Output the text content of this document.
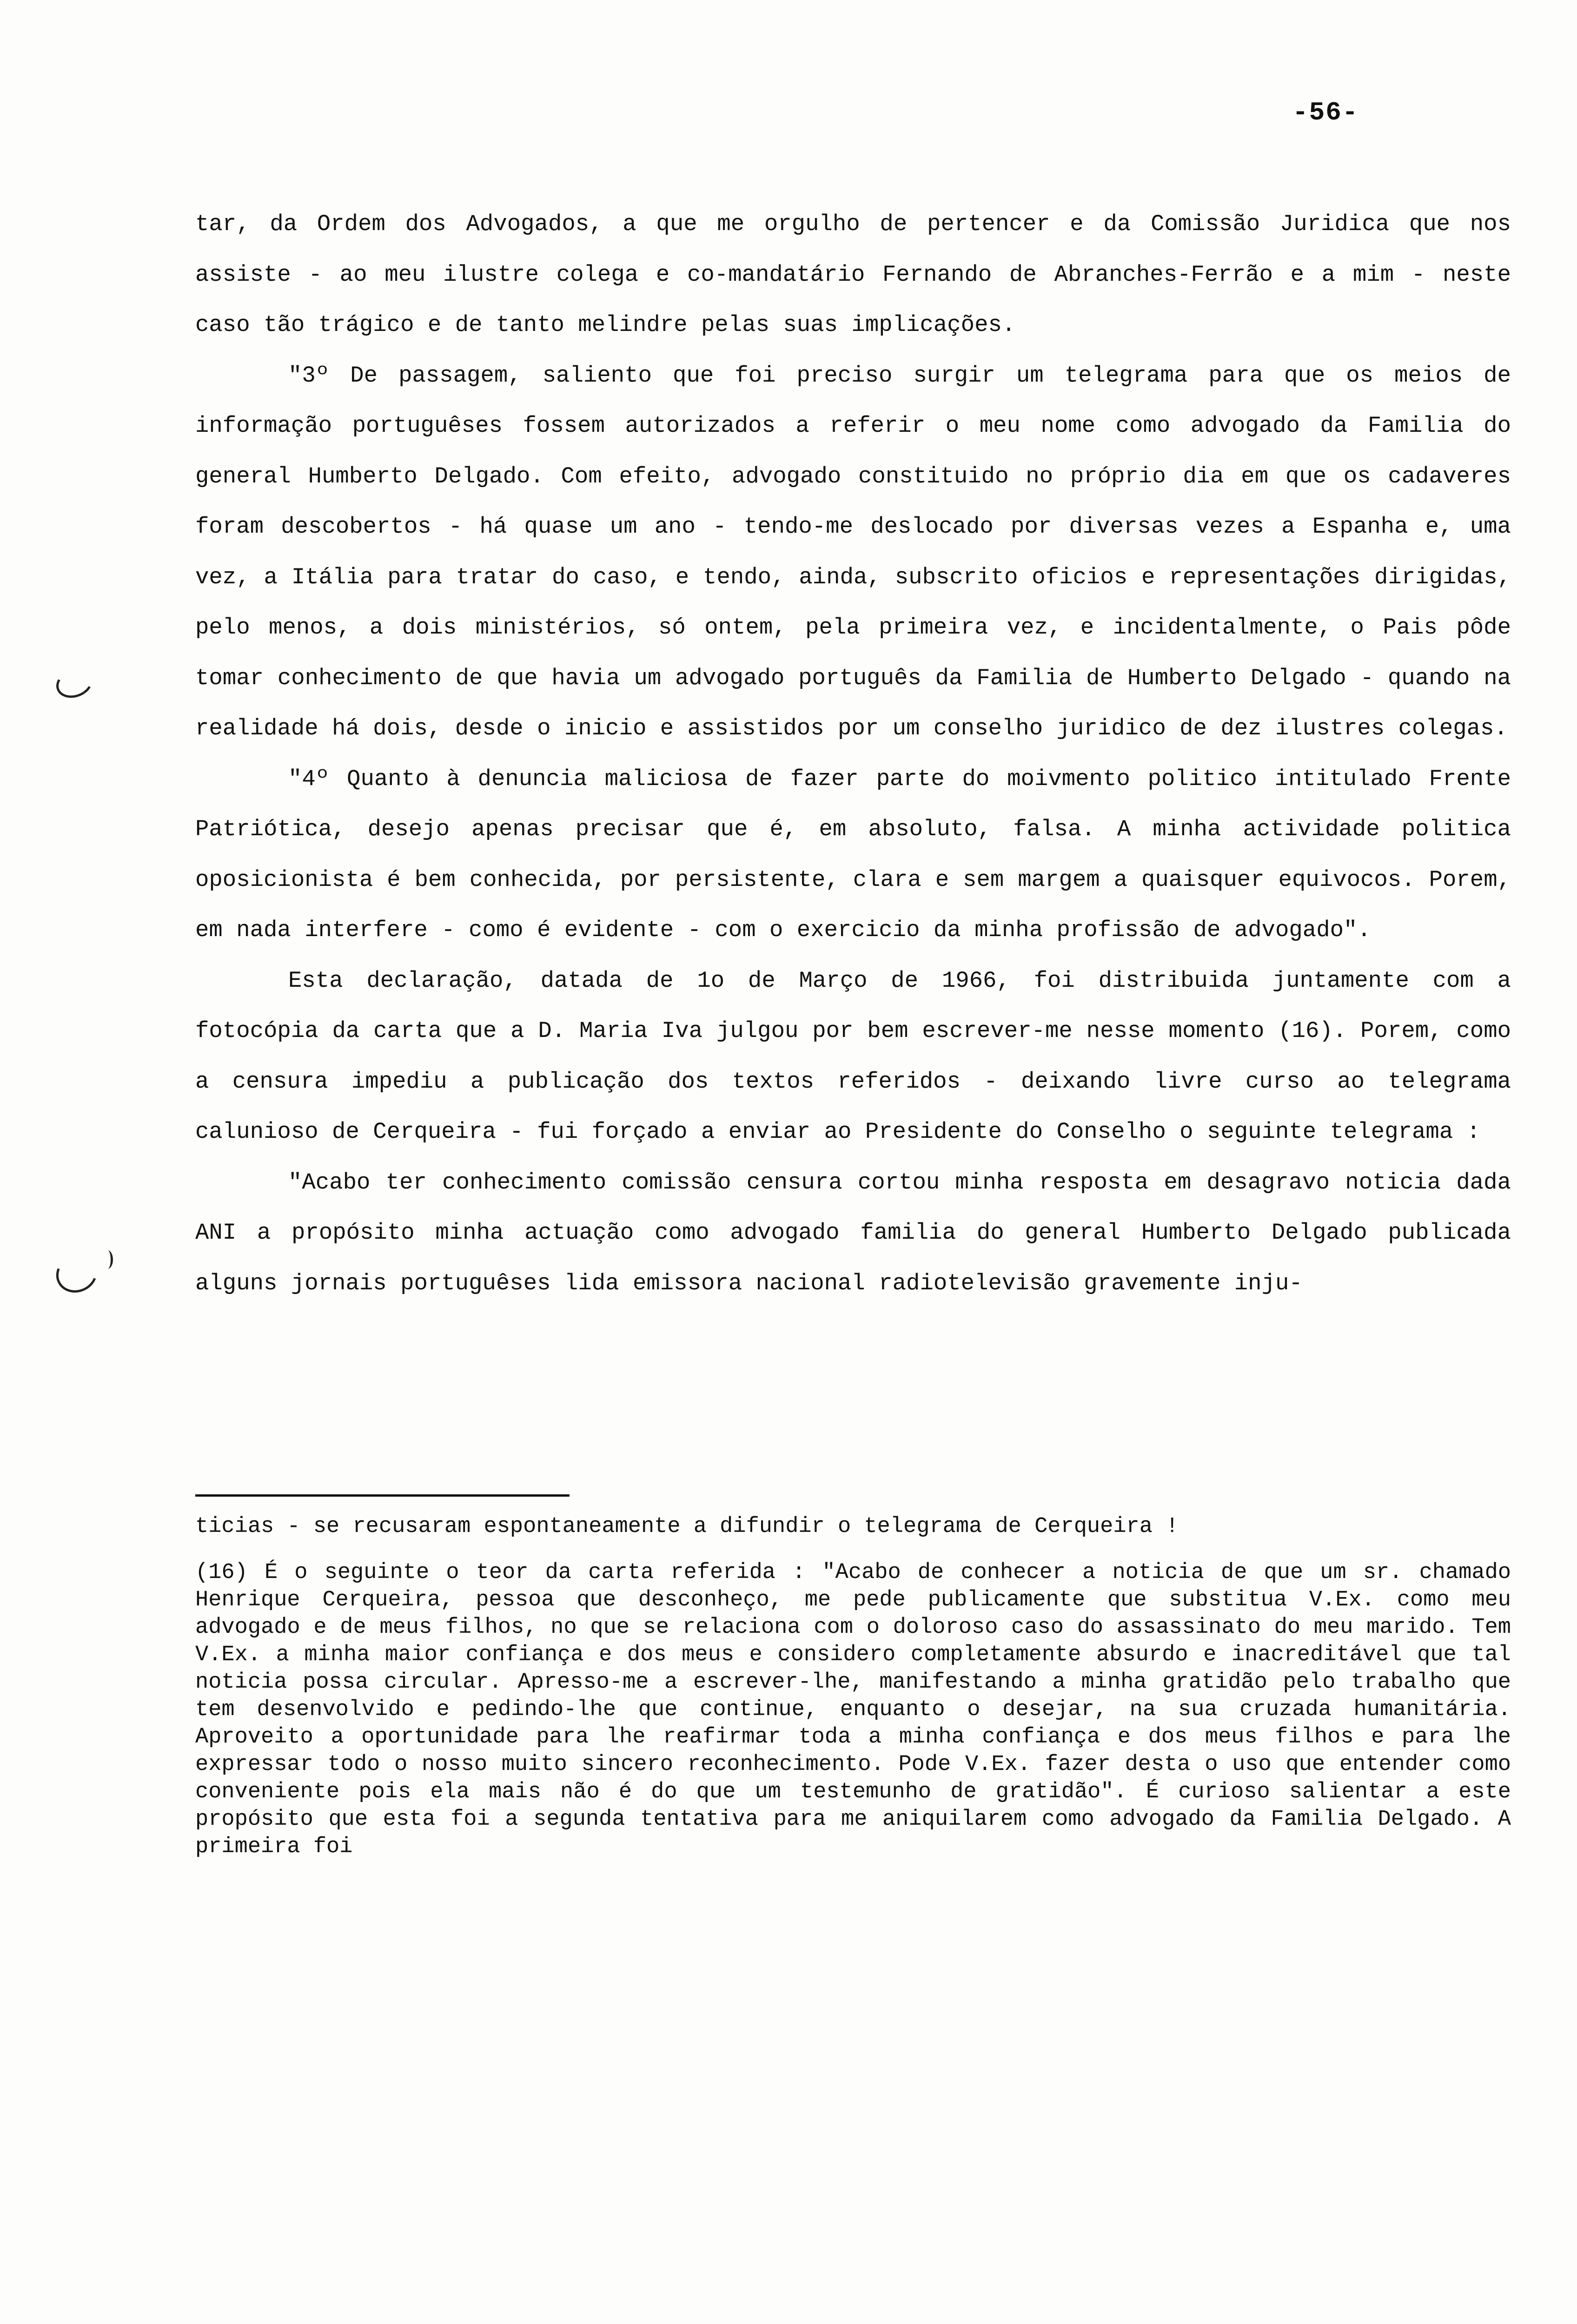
-56-

tar, da Ordem dos Advogados, a que me orgulho de pertencer e da Comissão Juridica que nos assiste - ao meu ilustre colega e co-mandatário Fernando de Abranches-Ferrão e a mim - neste caso tão trágico e de tanto melindre pelas suas implicações.

"3º De passagem, saliento que foi preciso surgir um telegrama para que os meios de informação portuguêses fossem autorizados a referir o meu nome como advogado da Familia do general Humberto Delgado. Com efeito, advogado constituido no próprio dia em que os cadaveres foram descobertos - há quase um ano - tendo-me deslocado por diversas vezes a Espanha e, uma vez, a Itália para tratar do caso, e tendo, ainda, subscrito oficios e representações dirigidas, pelo menos, a dois ministérios, só ontem, pela primeira vez, e incidentalmente, o Pais pôde tomar conhecimento de que havia um advogado português da Familia de Humberto Delgado - quando na realidade há dois, desde o inicio e assistidos por um conselho juridico de dez ilustres colegas.

"4º Quanto à denuncia maliciosa de fazer parte do moivmento politico intitulado Frente Patriótica, desejo apenas precisar que é, em absoluto, falsa. A minha actividade politica oposicionista é bem conhecida, por persistente, clara e sem margem a quaisquer equivocos. Porem, em nada interfere - como é evidente - com o exercicio da minha profissão de advogado".

Esta declaração, datada de 1o de Março de 1966, foi distribuida juntamente com a fotocópia da carta que a D. Maria Iva julgou por bem escrever-me nesse momento (16). Porem, como a censura impediu a publicação dos textos referidos - deixando livre curso ao telegrama calunioso de Cerqueira - fui forçado a enviar ao Presidente do Conselho o seguinte telegrama :

"Acabo ter conhecimento comissão censura cortou minha resposta em desagravo noticia dada ANI a propósito minha actuação como advogado familia do general Humberto Delgado publicada alguns jornais portuguêses lida emissora nacional radiotelevisão gravemente inju-

ticias - se recusaram espontaneamente a difundir o telegrama de Cerqueira !

(16) É o seguinte o teor da carta referida : "Acabo de conhecer a noticia de que um sr. chamado Henrique Cerqueira, pessoa que desconheço, me pede publicamente que substitua V.Ex. como meu advogado e de meus filhos, no que se relaciona com o doloroso caso do assassinato do meu marido. Tem V.Ex. a minha maior confiança e dos meus e considero completamente absurdo e inacreditável que tal noticia possa circular. Apresso-me a escrever-lhe, manifestando a minha gratidão pelo trabalho que tem desenvolvido e pedindo-lhe que continue, enquanto o desejar, na sua cruzada humanitária. Aproveito a oportunidade para lhe reafirmar toda a minha confiança e dos meus filhos e para lhe expressar todo o nosso muito sincero reconhecimento. Pode V.Ex. fazer desta o uso que entender como conveniente pois ela mais não é do que um testemunho de gratidão". É curioso salientar a este propósito que esta foi a segunda tentativa para me aniquilarem como advogado da Familia Delgado. A primeira foi
